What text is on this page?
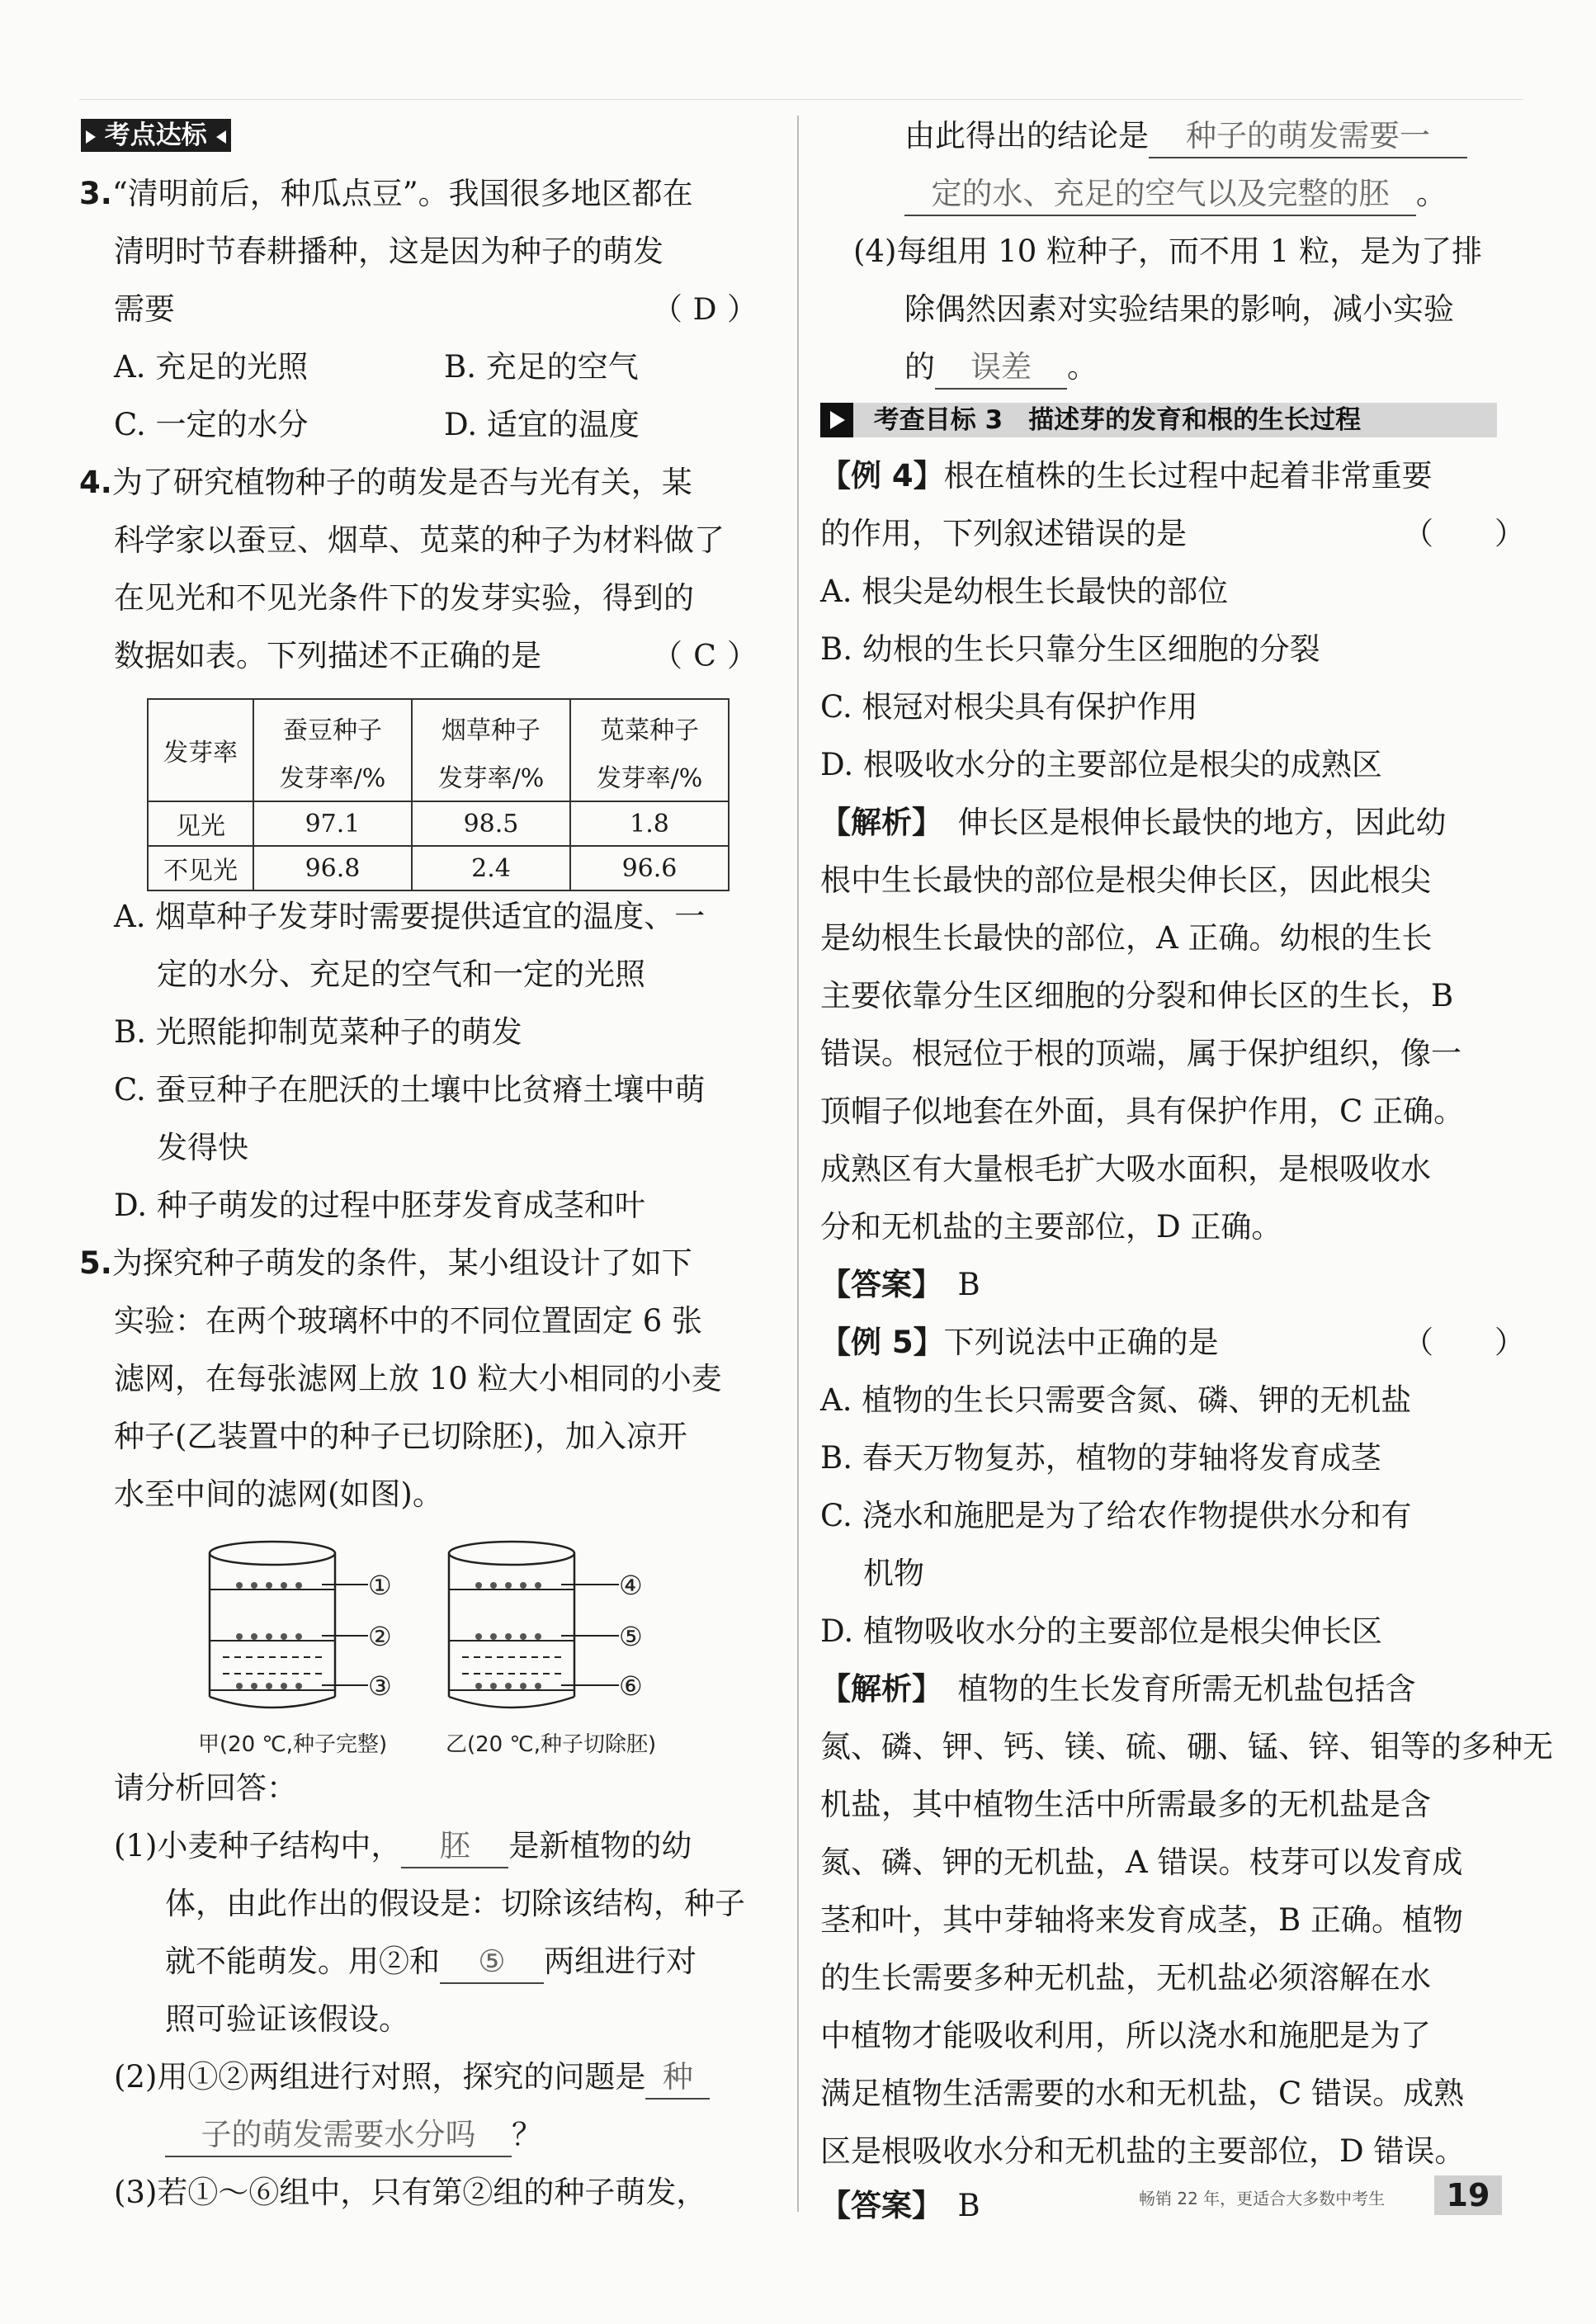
考点达标
3.“清明前后，种瓜点豆”。我国很多地区都在
清明时节春耕播种，这是因为种子的萌发
需要	（ D ）
A. 充足的光照	B. 充足的空气
C. 一定的水分	D. 适宜的温度
4.为了研究植物种子的萌发是否与光有关，某
科学家以蚕豆、烟草、苋菜的种子为材料做了
在见光和不见光条件下的发芽实验，得到的
数据如表。下列描述不正确的是	（ C ）
发芽率	蚕豆种子	烟草种子	苋菜种子
	发芽率/%	发芽率/%	发芽率/%
见光	97.1	98.5	1.8
不见光	96.8	2.4	96.6
A. 烟草种子发芽时需要提供适宜的温度、一
定的水分、充足的空气和一定的光照
B. 光照能抑制苋菜种子的萌发
C. 蚕豆种子在肥沃的土壤中比贫瘠土壤中萌
发得快
D. 种子萌发的过程中胚芽发育成茎和叶
5.为探究种子萌发的条件，某小组设计了如下
实验：在两个玻璃杯中的不同位置固定 6 张
滤网，在每张滤网上放 10 粒大小相同的小麦
种子(乙装置中的种子已切除胚)，加入凉开
水至中间的滤网(如图)。
①
②
③
④
⑤
⑥
甲(20 ℃,种子完整)	乙(20 ℃,种子切除胚)
请分析回答：
(1)小麦种子结构中， 胚 是新植物的幼
体，由此作出的假设是：切除该结构，种子
就不能萌发。用②和 ⑤ 两组进行对
照可验证该假设。
(2)用①②两组进行对照，探究的问题是 种
子的萌发需要水分吗 ？
(3)若①～⑥组中，只有第②组的种子萌发，
由此得出的结论是 种子的萌发需要一
定的水、充足的空气以及完整的胚 。
(4)每组用 10 粒种子，而不用 1 粒，是为了排
除偶然因素对实验结果的影响，减小实验
的 误差 。
考查目标 3　描述芽的发育和根的生长过程
【例 4】根在植株的生长过程中起着非常重要
的作用，下列叙述错误的是	（　　）
A. 根尖是幼根生长最快的部位
B. 幼根的生长只靠分生区细胞的分裂
C. 根冠对根尖具有保护作用
D. 根吸收水分的主要部位是根尖的成熟区
【解析】　 伸长区是根伸长最快的地方，因此幼
根中生长最快的部位是根尖伸长区，因此根尖
是幼根生长最快的部位，A 正确。幼根的生长
主要依靠分生区细胞的分裂和伸长区的生长，B
错误。根冠位于根的顶端，属于保护组织，像一
顶帽子似地套在外面，具有保护作用，C 正确。
成熟区有大量根毛扩大吸水面积，是根吸收水
分和无机盐的主要部位，D 正确。
【答案】　 B
【例 5】下列说法中正确的是	（　　）
A. 植物的生长只需要含氮、磷、钾的无机盐
B. 春天万物复苏，植物的芽轴将发育成茎
C. 浇水和施肥是为了给农作物提供水分和有
机物
D. 植物吸收水分的主要部位是根尖伸长区
【解析】　 植物的生长发育所需无机盐包括含
氮、磷、钾、钙、镁、硫、硼、锰、锌、钼等的多种无
机盐，其中植物生活中所需最多的无机盐是含
氮、磷、钾的无机盐，A 错误。枝芽可以发育成
茎和叶，其中芽轴将来发育成茎，B 正确。植物
的生长需要多种无机盐，无机盐必须溶解在水
中植物才能吸收利用，所以浇水和施肥是为了
满足植物生活需要的水和无机盐，C 错误。成熟
区是根吸收水分和无机盐的主要部位，D 错误。
【答案】　 B	畅销 22 年，更适合大多数中考生	19
